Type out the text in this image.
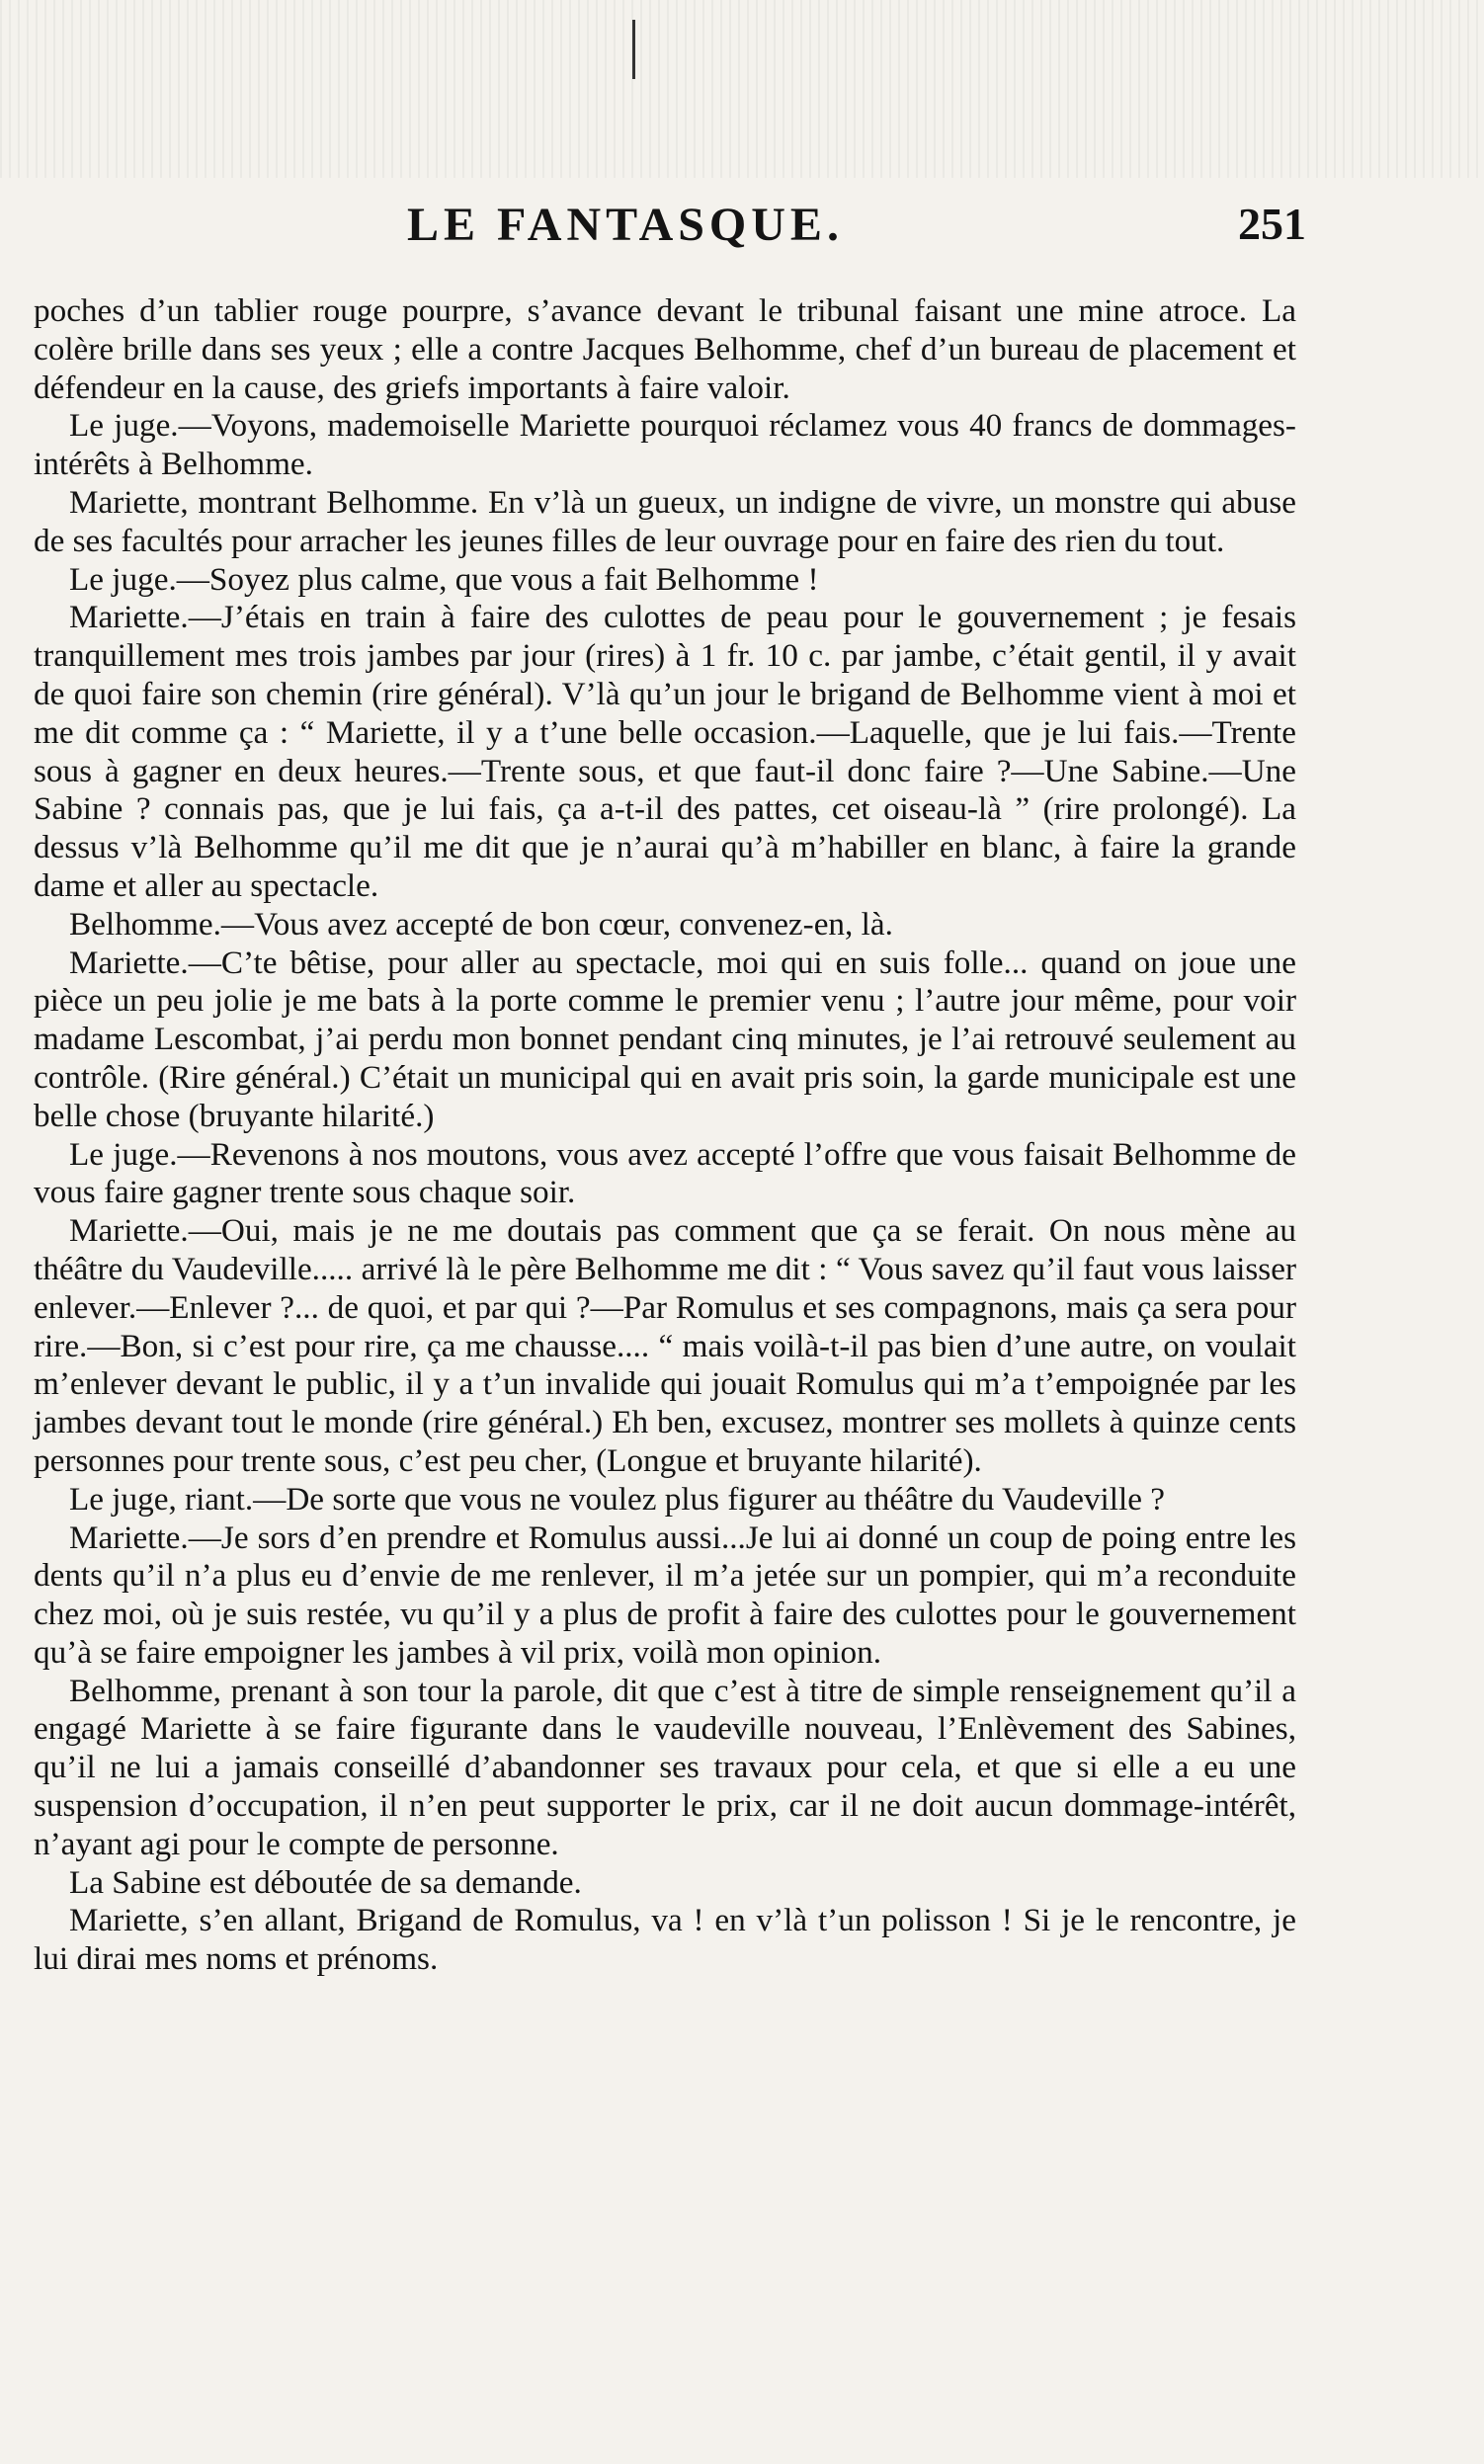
LE FANTASQUE.	251

poches d’un tablier rouge pourpre, s’avance devant le tribunal faisant une mine atroce. La colère brille dans ses yeux ; elle a contre Jacques Belhomme, chef d’un bureau de placement et défendeur en la cause, des griefs importants à faire valoir.

Le juge.—Voyons, mademoiselle Mariette pourquoi réclamez vous 40 francs de dommages-intérêts à Belhomme.

Mariette, montrant Belhomme. En v’là un gueux, un indigne de vivre, un monstre qui abuse de ses facultés pour arracher les jeunes filles de leur ouvrage pour en faire des rien du tout.

Le juge.—Soyez plus calme, que vous a fait Belhomme !

Mariette.—J’étais en train à faire des culottes de peau pour le gouvernement ; je fesais tranquillement mes trois jambes par jour (rires) à 1 fr. 10 c. par jambe, c’était gentil, il y avait de quoi faire son chemin (rire général). V’là qu’un jour le brigand de Belhomme vient à moi et me dit comme ça : “ Mariette, il y a t’une belle occasion.—Laquelle, que je lui fais.—Trente sous à gagner en deux heures.—Trente sous, et que faut-il donc faire ?—Une Sabine.—Une Sabine ? connais pas, que je lui fais, ça a-t-il des pattes, cet oiseau-là ” (rire prolongé). La dessus v’là Belhomme qu’il me dit que je n’aurai qu’à m’habiller en blanc, à faire la grande dame et aller au spectacle.

Belhomme.—Vous avez accepté de bon cœur, convenez-en, là.

Mariette.—C’te bêtise, pour aller au spectacle, moi qui en suis folle... quand on joue une pièce un peu jolie je me bats à la porte comme le premier venu ; l’autre jour même, pour voir madame Lescombat, j’ai perdu mon bonnet pendant cinq minutes, je l’ai retrouvé seulement au contrôle. (Rire général.) C’était un municipal qui en avait pris soin, la garde municipale est une belle chose (bruyante hilarité.)

Le juge.—Revenons à nos moutons, vous avez accepté l’offre que vous faisait Belhomme de vous faire gagner trente sous chaque soir.

Mariette.—Oui, mais je ne me doutais pas comment que ça se ferait. On nous mène au théâtre du Vaudeville..... arrivé là le père Belhomme me dit : “ Vous savez qu’il faut vous laisser enlever.—Enlever ?... de quoi, et par qui ?—Par Romulus et ses compagnons, mais ça sera pour rire.—Bon, si c’est pour rire, ça me chausse.... “ mais voilà-t-il pas bien d’une autre, on voulait m’enlever devant le public, il y a t’un invalide qui jouait Romulus qui m’a t’empoignée par les jambes devant tout le monde (rire général.) Eh ben, excusez, montrer ses mollets à quinze cents personnes pour trente sous, c’est peu cher, (Longue et bruyante hilarité).

Le juge, riant.—De sorte que vous ne voulez plus figurer au théâtre du Vaudeville ?

Mariette.—Je sors d’en prendre et Romulus aussi...Je lui ai donné un coup de poing entre les dents qu’il n’a plus eu d’envie de me renlever, il m’a jetée sur un pompier, qui m’a reconduite chez moi, où je suis restée, vu qu’il y a plus de profit à faire des culottes pour le gouvernement qu’à se faire empoigner les jambes à vil prix, voilà mon opinion.

Belhomme, prenant à son tour la parole, dit que c’est à titre de simple renseignement qu’il a engagé Mariette à se faire figurante dans le vaudeville nouveau, l’Enlèvement des Sabines, qu’il ne lui a jamais conseillé d’abandonner ses travaux pour cela, et que si elle a eu une suspension d’occupation, il n’en peut supporter le prix, car il ne doit aucun dommage-intérêt, n’ayant agi pour le compte de personne.

La Sabine est déboutée de sa demande.

Mariette, s’en allant, Brigand de Romulus, va ! en v’là t’un polisson ! Si je le rencontre, je lui dirai mes noms et prénoms.
